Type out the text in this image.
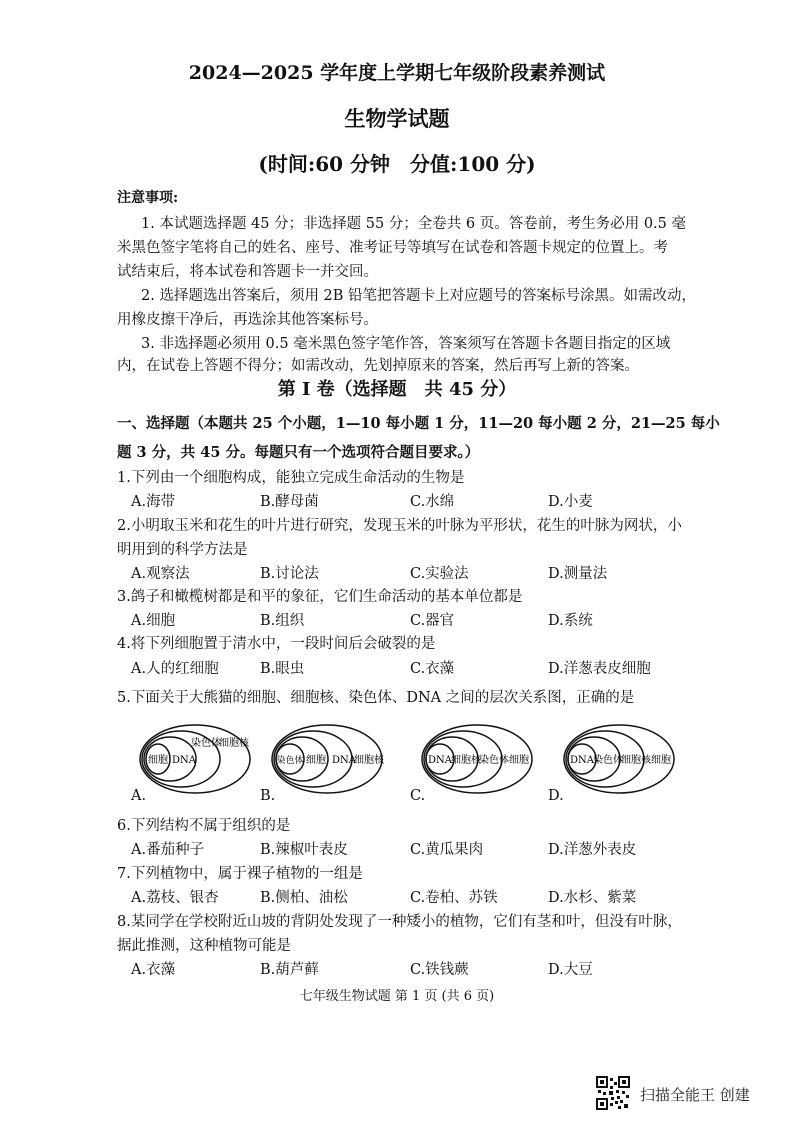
2024—2025 学年度上学期七年级阶段素养测试
生物学试题
(时间:60 分钟　分值:100 分)
注意事项:
1. 本试题选择题 45 分；非选择题 55 分；全卷共 6 页。答卷前，考生务必用 0.5 毫
米黑色签字笔将自己的姓名、座号、准考证号等填写在试卷和答题卡规定的位置上。考
试结束后，将本试卷和答题卡一并交回。
2. 选择题选出答案后，须用 2B 铅笔把答题卡上对应题号的答案标号涂黑。如需改动，
用橡皮擦干净后，再选涂其他答案标号。
3. 非选择题必须用 0.5 毫米黑色签字笔作答，答案须写在答题卡各题目指定的区域
内，在试卷上答题不得分；如需改动，先划掉原来的答案，然后再写上新的答案。
第 I 卷（选择题　共 45 分）
一、选择题（本题共 25 个小题，1—10 每小题 1 分，11—20 每小题 2 分，21—25 每小
题 3 分，共 45 分。每题只有一个选项符合题目要求。）
1.下列由一个细胞构成，能独立完成生命活动的生物是
A.海带	B.酵母菌	C.水绵	D.小麦
2.小明取玉米和花生的叶片进行研究，发现玉米的叶脉为平形状，花生的叶脉为网状，小
明用到的科学方法是
A.观察法	B.讨论法	C.实验法	D.测量法
3.鸽子和橄榄树都是和平的象征，它们生命活动的基本单位都是
A.细胞	B.组织	C.器官	D.系统
4.将下列细胞置于清水中，一段时间后会破裂的是
A.人的红细胞	B.眼虫	C.衣藻	D.洋葱表皮细胞
5.下面关于大熊猫的细胞、细胞核、染色体、DNA 之间的层次关系图，正确的是
细胞 DNA
染色体
细胞核
染色体 细胞 DNA
细胞核	DNA 细胞核
染色体 细胞	DNA 染色体
细胞核 细胞
A.	B.	C.	D.
6.下列结构不属于组织的是
A.番茄种子	B.辣椒叶表皮	C.黄瓜果肉	D.洋葱外表皮
7.下列植物中，属于裸子植物的一组是
A.荔枝、银杏	B.侧柏、油松	C.卷柏、苏铁	D.水杉、紫菜
8.某同学在学校附近山坡的背阴处发现了一种矮小的植物，它们有茎和叶，但没有叶脉，
据此推测，这种植物可能是
A.衣藻	B.葫芦藓	C.铁钱蕨	D.大豆
七年级生物试题 第 1 页 (共 6 页)
扫描全能王 创建
